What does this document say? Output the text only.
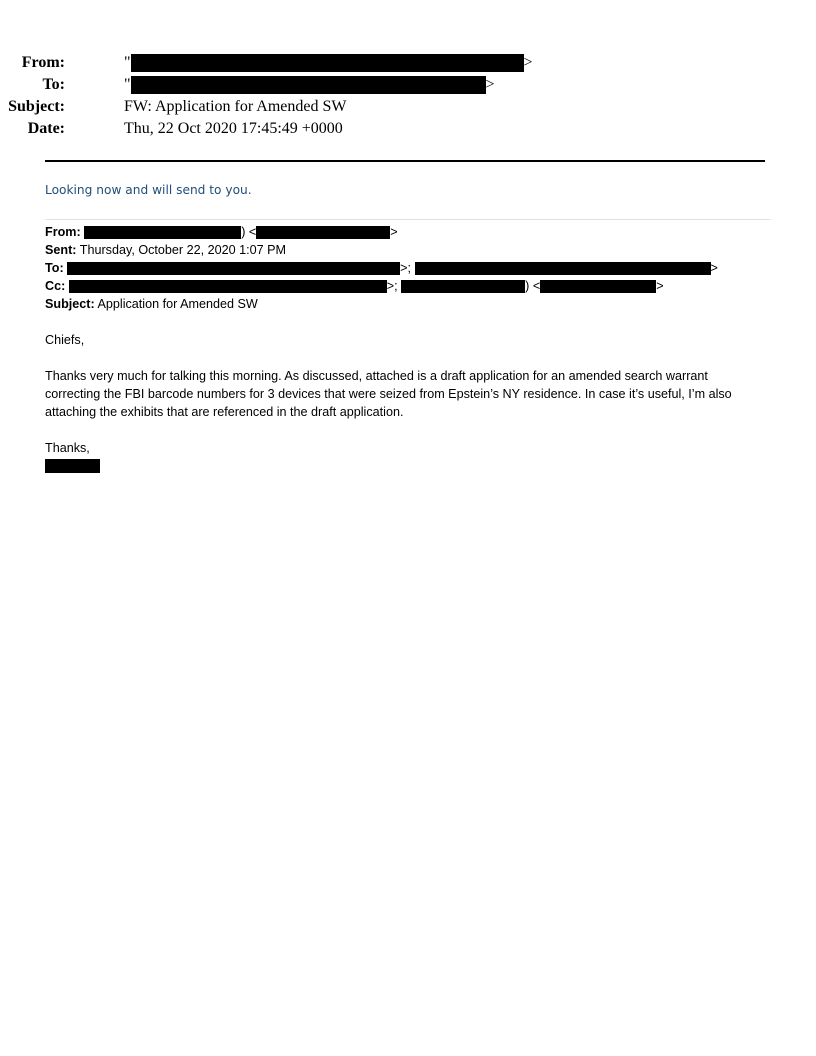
From:	"	>
To:	"	>
Subject:	FW: Application for Amended SW
Date:	Thu, 22 Oct 2020 17:45:49 +0000
Looking now and will send to you.
From:	) <	>
Sent: Thursday, October 22, 2020 1:07 PM
To:	>;	>
Cc:	>;	) <	>
Subject: Application for Amended SW

Chiefs,

Thanks very much for talking this morning. As discussed, attached is a draft application for an amended search warrant

correcting the FBI barcode numbers for 3 devices that were seized from Epstein’s NY residence. In case it’s useful, I’m also

attaching the exhibits that are referenced in the draft application.

Thanks,
